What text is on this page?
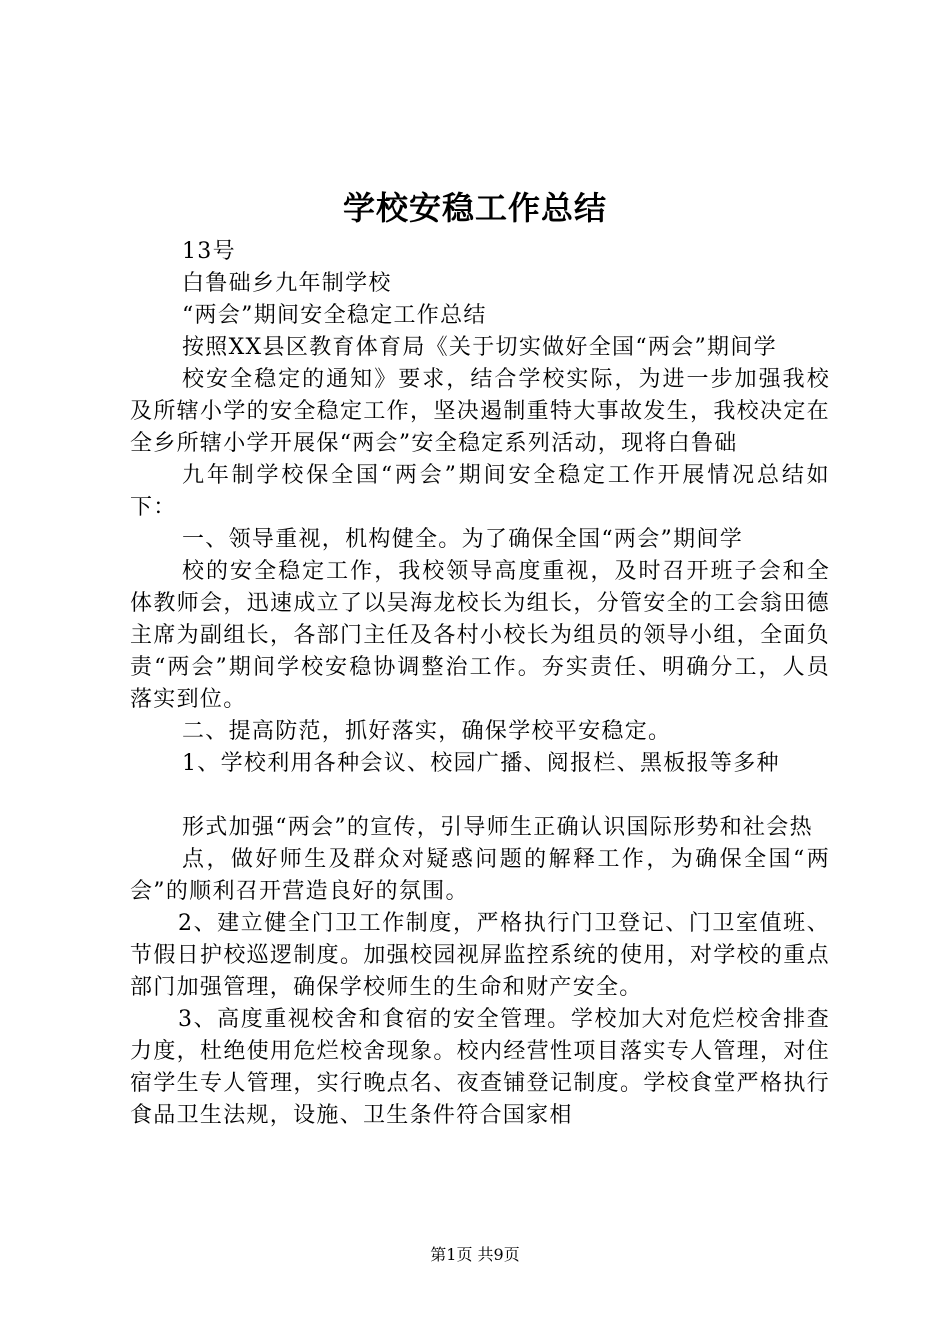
学校安稳工作总结

13号

白鲁础乡九年制学校

“两会”期间安全稳定工作总结

按照XX县区教育体育局《关于切实做好全国“两会”期间学

校安全稳定的通知》要求，结合学校实际，为进一步加强我校及所辖小学的安全稳定工作，坚决遏制重特大事故发生，我校决定在全乡所辖小学开展保“两会”安全稳定系列活动，现将白鲁础

九年制学校保全国“两会”期间安全稳定工作开展情况总结如下：

一、领导重视，机构健全。为了确保全国“两会”期间学

校的安全稳定工作，我校领导高度重视，及时召开班子会和全体教师会，迅速成立了以吴海龙校长为组长，分管安全的工会翁田德主席为副组长，各部门主任及各村小校长为组员的领导小组，全面负责“两会”期间学校安稳协调整治工作。夯实责任、明确分工，人员落实到位。

二、提高防范，抓好落实，确保学校平安稳定。

1、学校利用各种会议、校园广播、阅报栏、黑板报等多种

形式加强“两会”的宣传，引导师生正确认识国际形势和社会热

点，做好师生及群众对疑惑问题的解释工作，为确保全国“两会”的顺利召开营造良好的氛围。

2、建立健全门卫工作制度，严格执行门卫登记、门卫室值班、节假日护校巡逻制度。加强校园视屏监控系统的使用，对学校的重点部门加强管理，确保学校师生的生命和财产安全。

3、高度重视校舍和食宿的安全管理。学校加大对危烂校舍排查力度，杜绝使用危烂校舍现象。校内经营性项目落实专人管理，对住宿学生专人管理，实行晚点名、夜查铺登记制度。学校食堂严格执行食品卫生法规，设施、卫生条件符合国家相

第1页 共9页
